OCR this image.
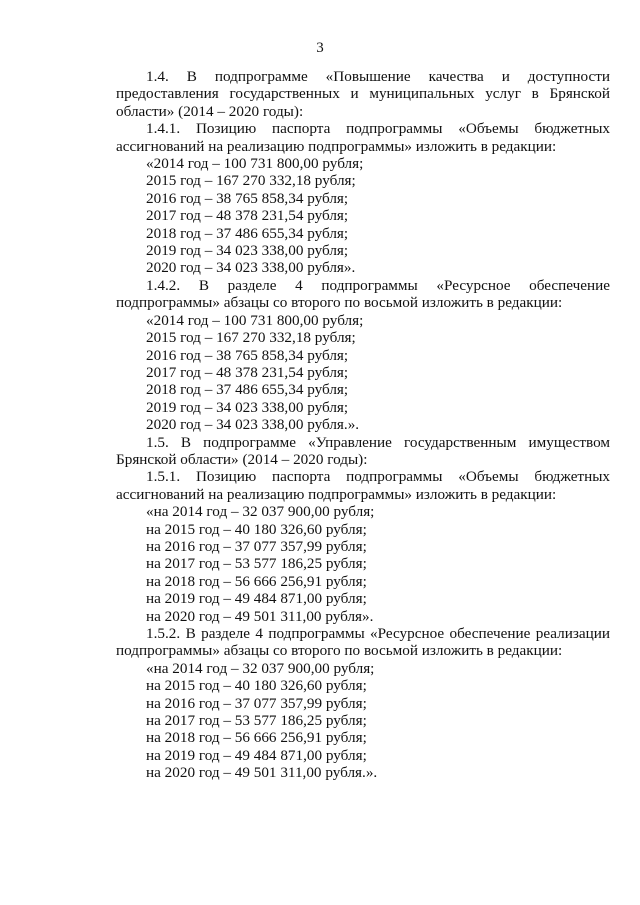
3

1.4. В подпрограмме «Повышение качества и доступности предоставления государственных и муниципальных услуг в Брянской области» (2014 – 2020 годы):

1.4.1. Позицию паспорта подпрограммы «Объемы бюджетных ассигнований на реализацию подпрограммы» изложить в редакции:

«2014 год – 100 731 800,00 рубля;

2015 год – 167 270 332,18 рубля;

2016 год – 38 765 858,34 рубля;

2017 год – 48 378 231,54 рубля;

2018 год – 37 486 655,34 рубля;

2019 год – 34 023 338,00 рубля;

2020 год – 34 023 338,00 рубля».

1.4.2. В разделе 4 подпрограммы «Ресурсное обеспечение подпрограммы» абзацы со второго по восьмой изложить в редакции:

«2014 год – 100 731 800,00 рубля;

2015 год – 167 270 332,18 рубля;

2016 год – 38 765 858,34 рубля;

2017 год – 48 378 231,54 рубля;

2018 год – 37 486 655,34 рубля;

2019 год – 34 023 338,00 рубля;

2020 год – 34 023 338,00 рубля.».

1.5. В подпрограмме «Управление государственным имуществом Брянской области» (2014 – 2020 годы):

1.5.1. Позицию паспорта подпрограммы «Объемы бюджетных ассигнований на реализацию подпрограммы» изложить в редакции:

«на 2014 год – 32 037 900,00 рубля;

на 2015 год – 40 180 326,60 рубля;

на 2016 год – 37 077 357,99 рубля;

на 2017 год – 53 577 186,25 рубля;

на 2018 год – 56 666 256,91 рубля;

на 2019 год – 49 484 871,00 рубля;

на 2020 год – 49 501 311,00 рубля».

1.5.2. В разделе 4 подпрограммы «Ресурсное обеспечение реализации подпрограммы» абзацы со второго по восьмой изложить в редакции:

«на 2014 год – 32 037 900,00 рубля;

на 2015 год – 40 180 326,60 рубля;

на 2016 год – 37 077 357,99 рубля;

на 2017 год – 53 577 186,25 рубля;

на 2018 год – 56 666 256,91 рубля;

на 2019 год – 49 484 871,00 рубля;

на 2020 год – 49 501 311,00 рубля.».
